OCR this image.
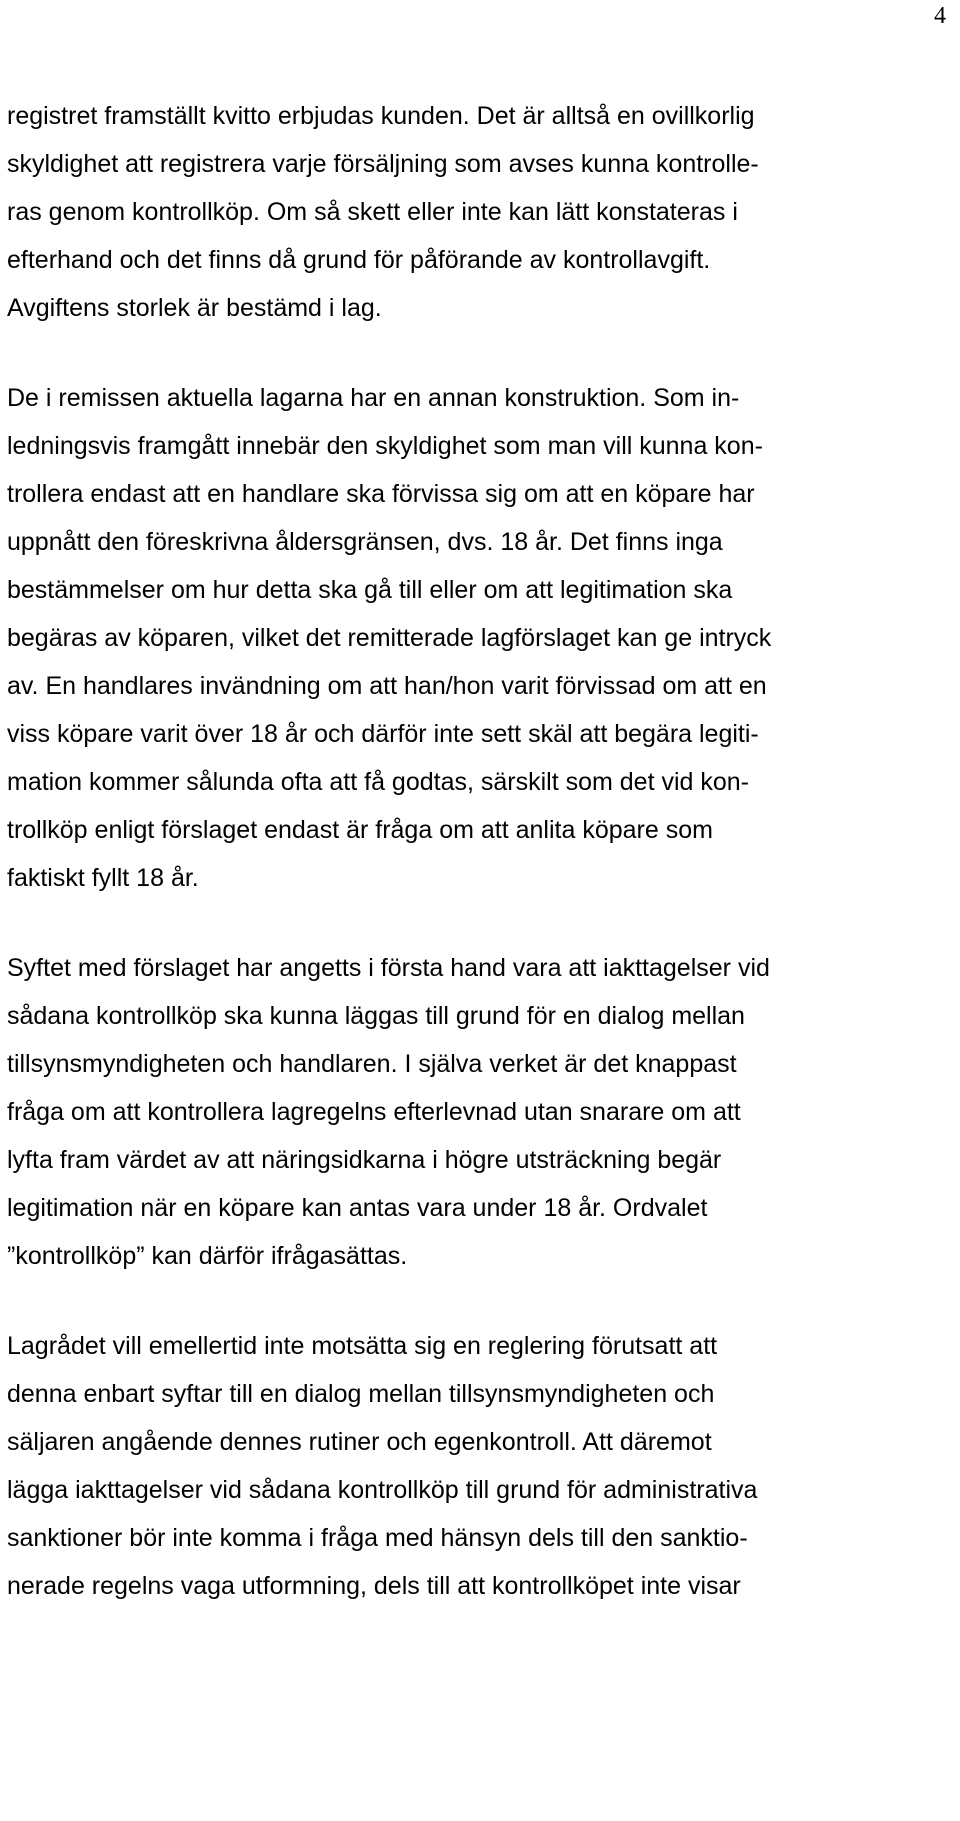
4
registret framställt kvitto erbjudas kunden. Det är alltså en ovillkorlig
skyldighet att registrera varje försäljning som avses kunna kontrolle-
ras genom kontrollköp. Om så skett eller inte kan lätt konstateras i
efterhand och det finns då grund för påförande av kontrollavgift.
Avgiftens storlek är bestämd i lag.
De i remissen aktuella lagarna har en annan konstruktion. Som in-
ledningsvis framgått innebär den skyldighet som man vill kunna kon-
trollera endast att en handlare ska förvissa sig om att en köpare har
uppnått den föreskrivna åldersgränsen, dvs. 18 år. Det finns inga
bestämmelser om hur detta ska gå till eller om att legitimation ska
begäras av köparen, vilket det remitterade lagförslaget kan ge intryck
av. En handlares invändning om att han/hon varit förvissad om att en
viss köpare varit över 18 år och därför inte sett skäl att begära legiti-
mation kommer sålunda ofta att få godtas, särskilt som det vid kon-
trollköp enligt förslaget endast är fråga om att anlita köpare som
faktiskt fyllt 18 år.
Syftet med förslaget har angetts i första hand vara att iakttagelser vid
sådana kontrollköp ska kunna läggas till grund för en dialog mellan
tillsynsmyndigheten och handlaren. I själva verket är det knappast
fråga om att kontrollera lagregelns efterlevnad utan snarare om att
lyfta fram värdet av att näringsidkarna i högre utsträckning begär
legitimation när en köpare kan antas vara under 18 år. Ordvalet
”kontrollköp” kan därför ifrågasättas.
Lagrådet vill emellertid inte motsätta sig en reglering förutsatt att
denna enbart syftar till en dialog mellan tillsynsmyndigheten och
säljaren angående dennes rutiner och egenkontroll. Att däremot
lägga iakttagelser vid sådana kontrollköp till grund för administrativa
sanktioner bör inte komma i fråga med hänsyn dels till den sanktio-
nerade regelns vaga utformning, dels till att kontrollköpet inte visar
